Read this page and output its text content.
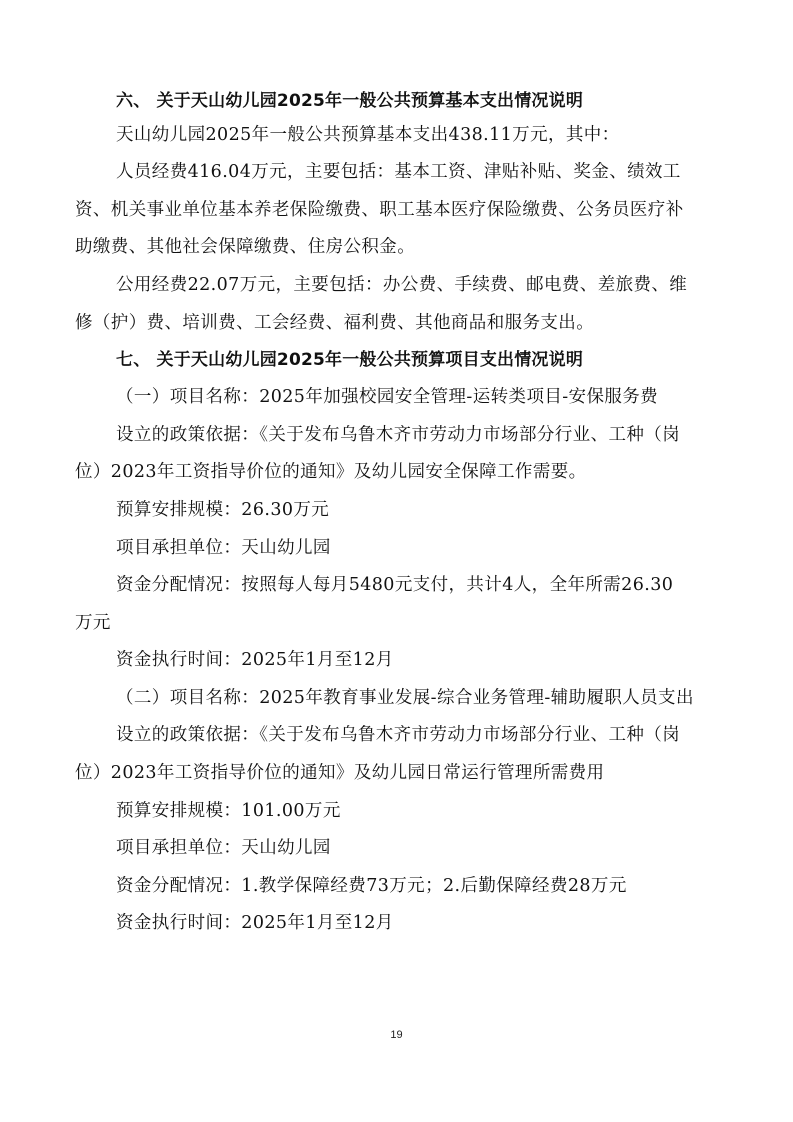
六、 关于天山幼儿园2025年一般公共预算基本支出情况说明
天山幼儿园2025年一般公共预算基本支出438.11万元，其中：
人员经费416.04万元，主要包括：基本工资、津贴补贴、奖金、绩效工
资、机关事业单位基本养老保险缴费、职工基本医疗保险缴费、公务员医疗补
助缴费、其他社会保障缴费、住房公积金。
公用经费22.07万元，主要包括：办公费、手续费、邮电费、差旅费、维
修（护）费、培训费、工会经费、福利费、其他商品和服务支出。
七、 关于天山幼儿园2025年一般公共预算项目支出情况说明
（一）项目名称：2025年加强校园安全管理-运转类项目-安保服务费
设立的政策依据：《关于发布乌鲁木齐市劳动力市场部分行业、工种（岗
位）2023年工资指导价位的通知》及幼儿园安全保障工作需要。
预算安排规模：26.30万元
项目承担单位：天山幼儿园
资金分配情况：按照每人每月5480元支付，共计4人，全年所需26.30
万元
资金执行时间：2025年1月至12月
（二）项目名称：2025年教育事业发展-综合业务管理-辅助履职人员支出
设立的政策依据：《关于发布乌鲁木齐市劳动力市场部分行业、工种（岗
位）2023年工资指导价位的通知》及幼儿园日常运行管理所需费用
预算安排规模：101.00万元
项目承担单位：天山幼儿园
资金分配情况：1.教学保障经费73万元；2.后勤保障经费28万元
资金执行时间：2025年1月至12月
19
